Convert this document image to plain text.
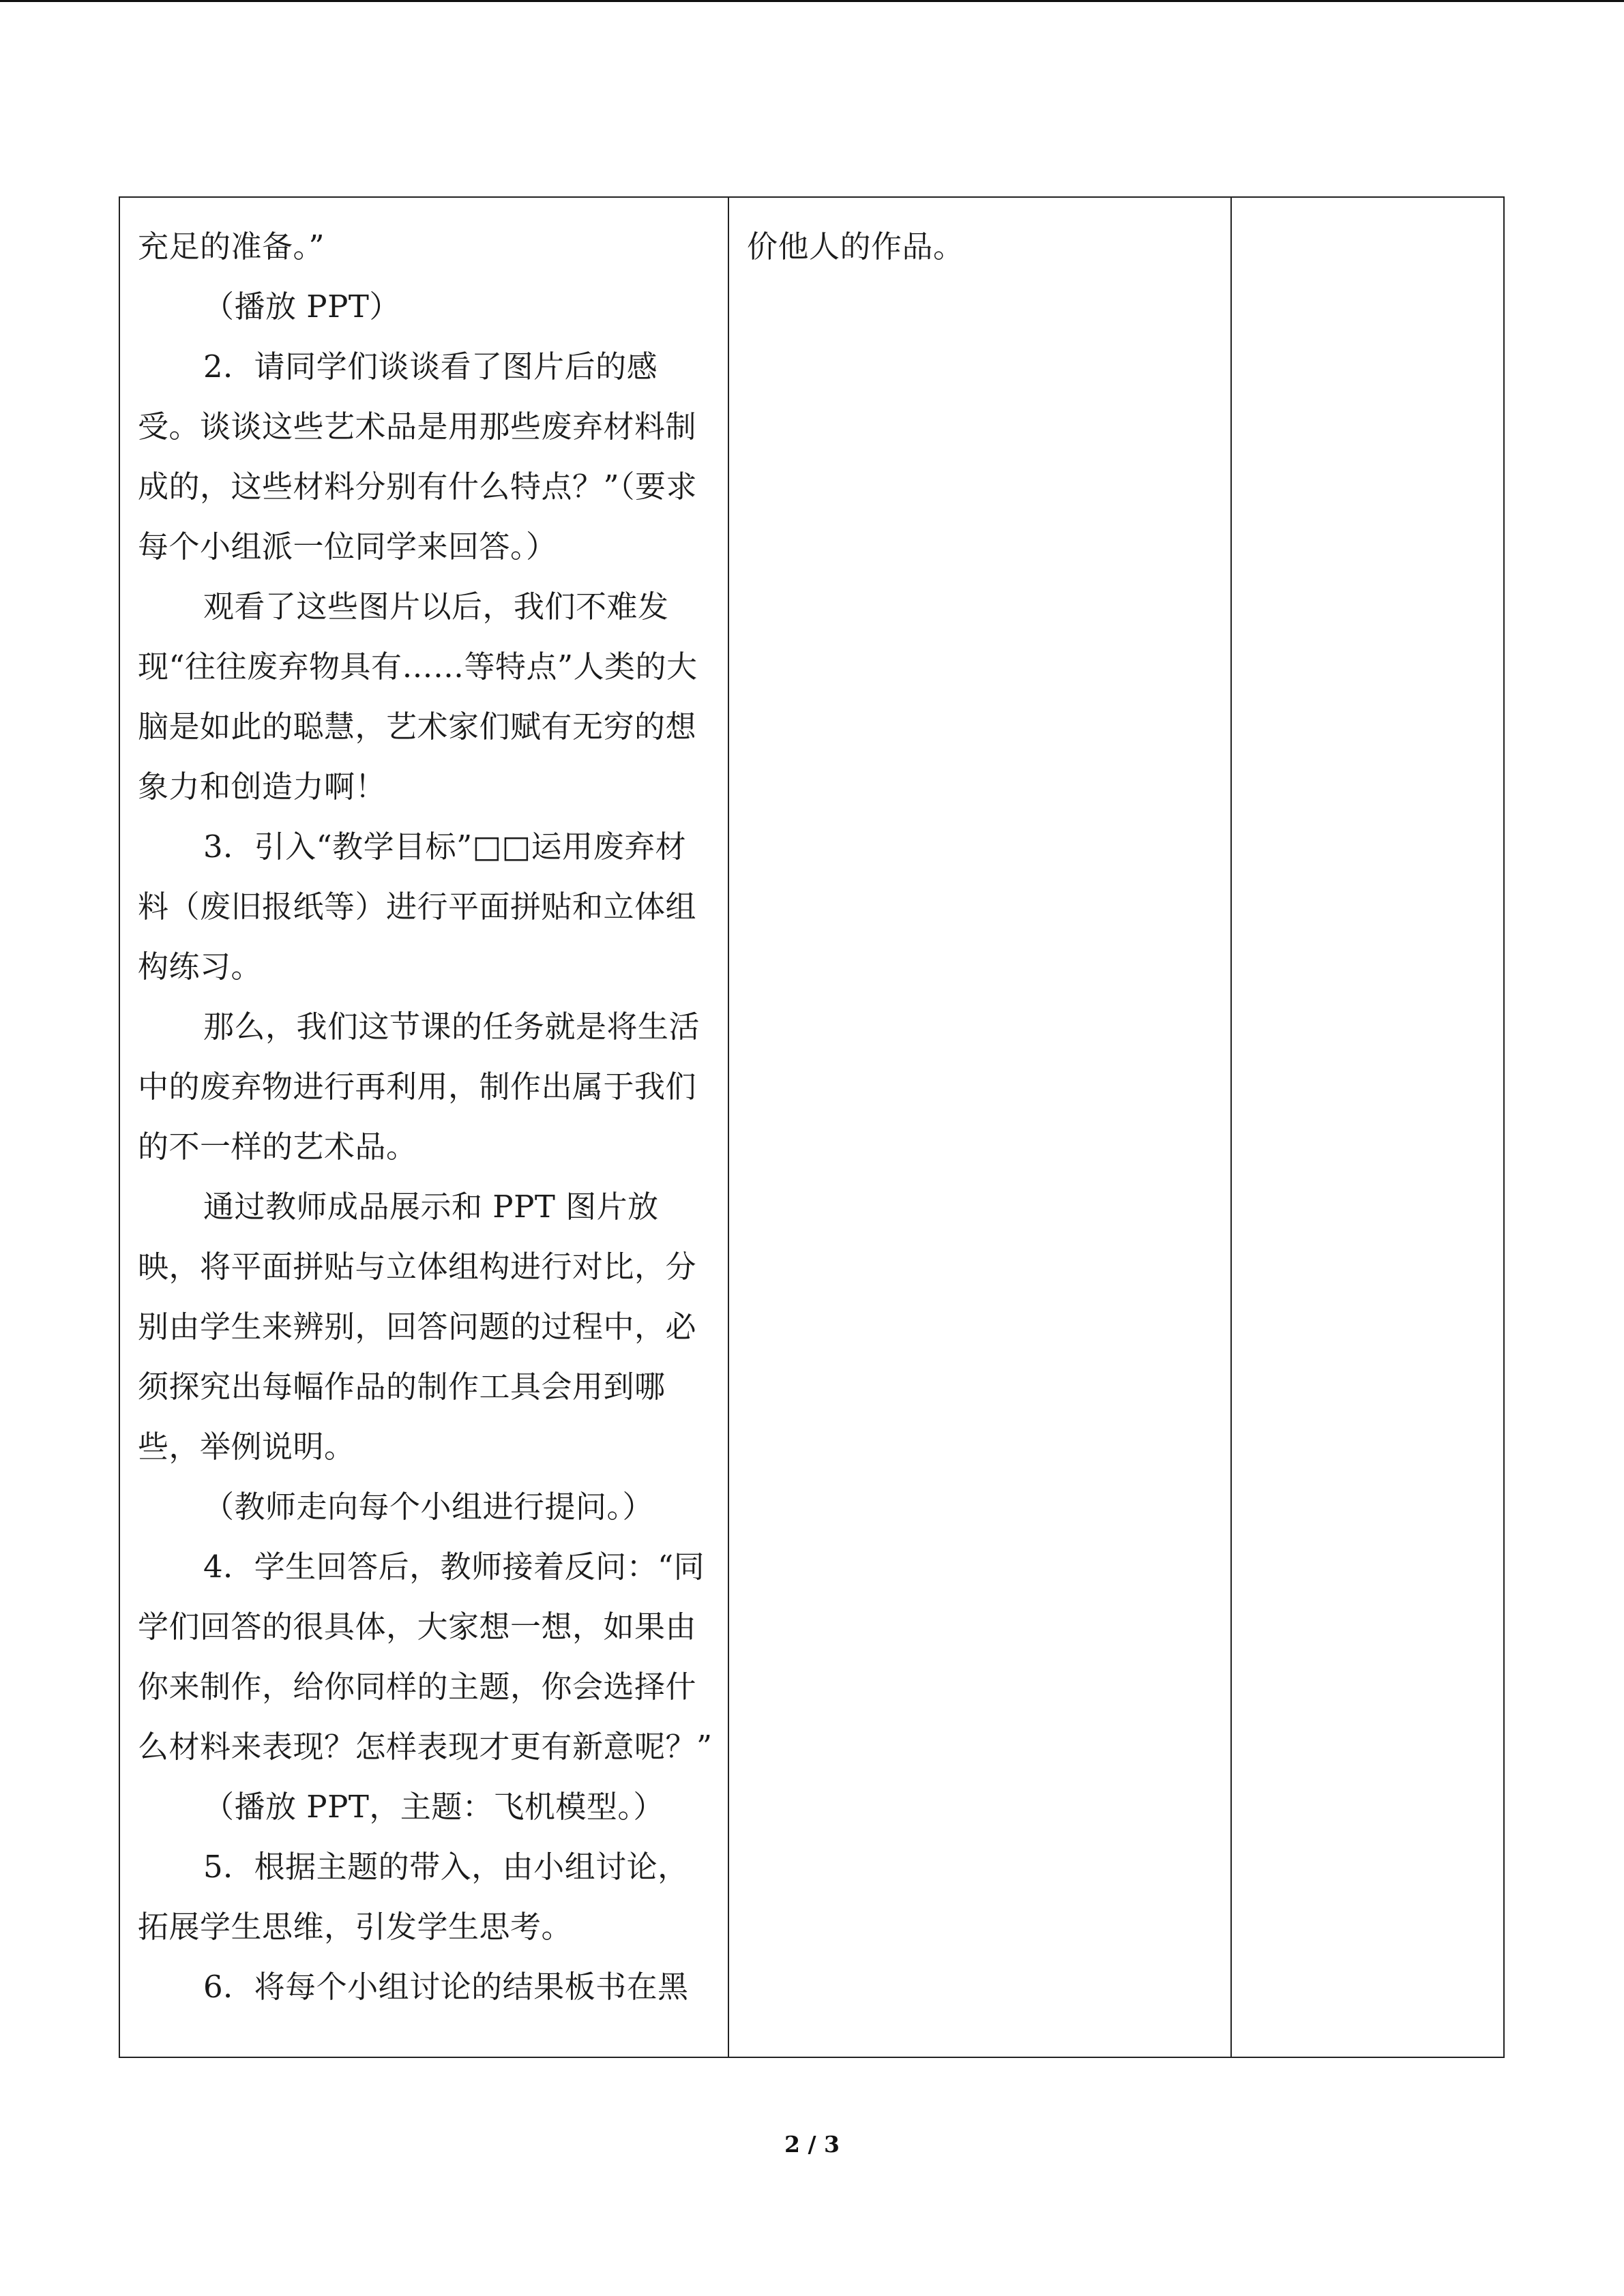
充足的准备。”

（播放 PPT）

2．请同学们谈谈看了图片后的感受。谈谈这些艺术品是用那些废弃材料制成的，这些材料分别有什么特点？”（要求每个小组派一位同学来回答。）

观看了这些图片以后，我们不难发现“往往废弃物具有……等特点”人类的大脑是如此的聪慧，艺术家们赋有无穷的想象力和创造力啊！

3．引入“教学目标”□□运用废弃材料（废旧报纸等）进行平面拼贴和立体组构练习。

那么，我们这节课的任务就是将生活中的废弃物进行再利用，制作出属于我们的不一样的艺术品。

通过教师成品展示和 PPT 图片放映，将平面拼贴与立体组构进行对比，分别由学生来辨别，回答问题的过程中，必须探究出每幅作品的制作工具会用到哪些，举例说明。

（教师走向每个小组进行提问。）

4．学生回答后，教师接着反问：“同学们回答的很具体，大家想一想，如果由你来制作，给你同样的主题，你会选择什么材料来表现？怎样表现才更有新意呢？”

（播放 PPT，主题：飞机模型。）

5．根据主题的带入，由小组讨论，拓展学生思维，引发学生思考。

6．将每个小组讨论的结果板书在黑

价他人的作品。

2 / 3
